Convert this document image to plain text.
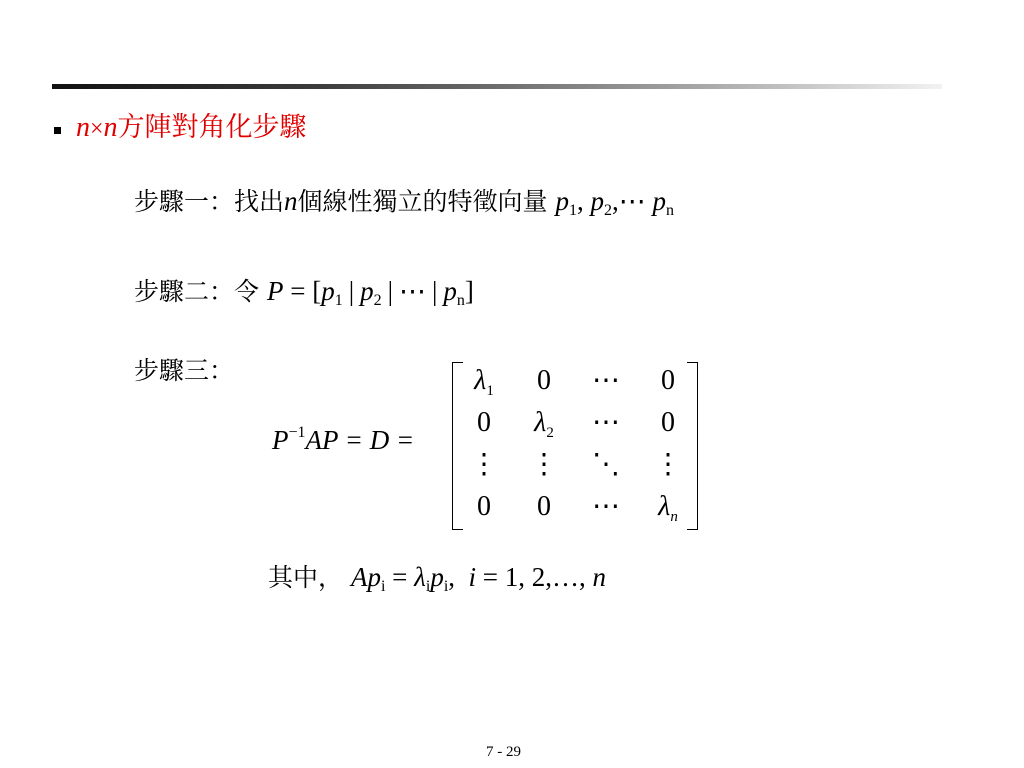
n×n方陣對角化步驟
步驟一：找出n個線性獨立的特徵向量 $p_1$, $p_2,\cdots$ $p_n$
步驟二：令 $P = [p_1$ | $p_2$ | ⋯ | $p_n$]
步驟三：
$P^{-1}AP = D$ =
$\lambda_1$	0	⋯	0
0	$\lambda_2$	⋯	0
⋮	⋮	⋱	⋮
0	0	⋯	$\lambda_n$
其中， $Ap_i = \lambda_ip_i$, i = 1, 2,…, n
7 - 29
